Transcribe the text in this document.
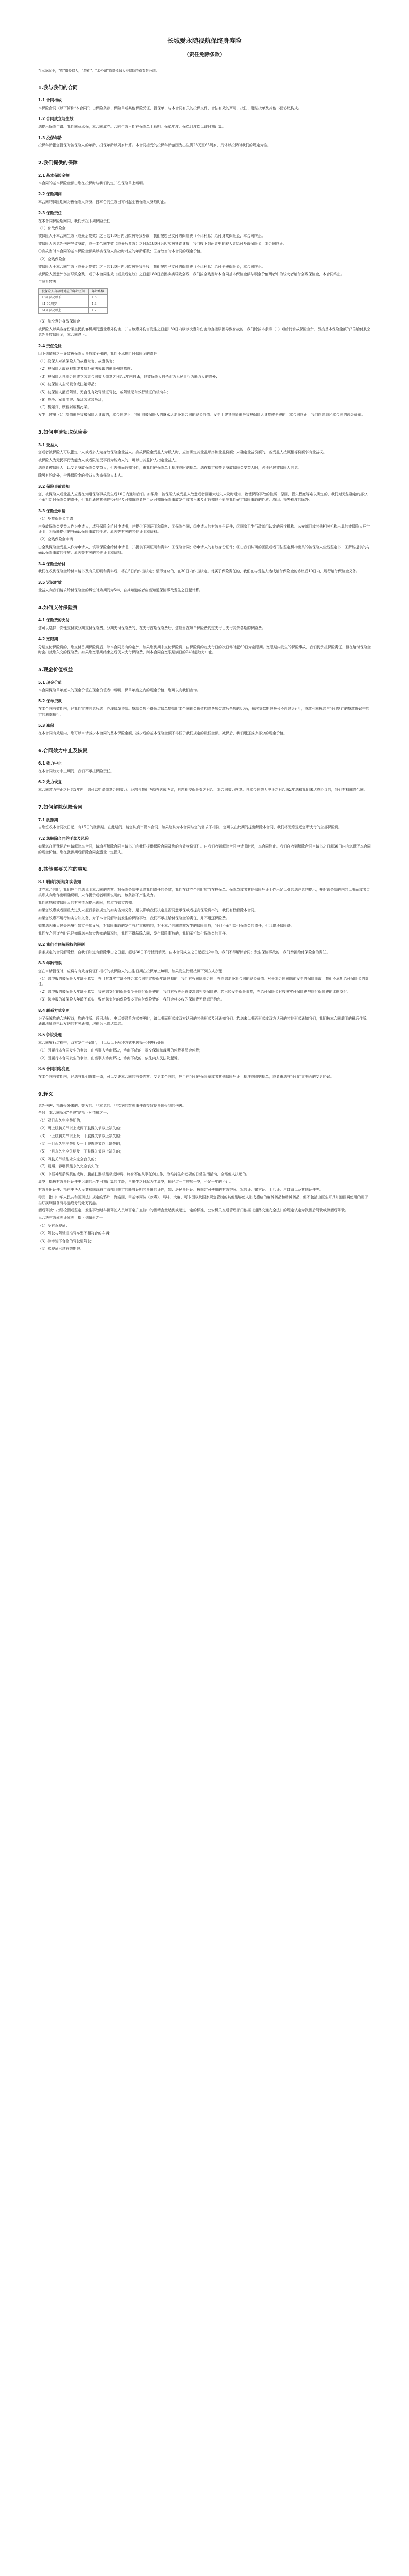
长城爱永随视航保终身寿险
（责任免除条款）

在本条款中，“您”指投保人，“我们”、“本公司”均指长城人寿保险股份有限公司。

1.我与我们的合同
1.1 合同构成

本保险合同（以下简称“本合同”）由保险条款、保险单或其他保险凭证、投保单、与本合同有关的投保文件、合法有效的声明、批注、附贴批单及其他书面协议构成。

1.2 合同成立与生效

您提出保险申请、我们同意承保，本合同成立。合同生效日期在保险单上载明。保单年度、保单月度均以该日期计算。

1.3 投保年龄

投保年龄指您投保时被保险人的年龄，投保年龄以周岁计算。本合同接受的投保年龄范围为出生满28天至65周岁，具体以投保时我们的规定为准。

2.我们提供的保障
2.1 基本保险金额

本合同的基本保险金额由您在投保时与我们约定并在保险单上载明。

2.2 保险期间

本合同的保险期间为被保险人终身，自本合同生效日零时起至被保险人身故时止。

2.3 保险责任

在本合同保险期间内，我们承担下列保险责任：

（1）身故保险金

被保险人于本合同生效（或最后复效）之日起180日内因疾病导致身故，我们按您已支付的保险费（不计利息）给付身故保险金，本合同终止。

被保险人因意外伤害导致身故，或于本合同生效（或最后复效）之日起180日后因疾病导致身故，我们按下列两者中的较大者给付身故保险金，本合同终止：

①身故当时本合同的基本保险金额乘以被保险人身故时对应的年龄系数；②身故当时本合同的现金价值。

（2）全残保险金

被保险人于本合同生效（或最后复效）之日起180日内因疾病导致全残，我们按您已支付的保险费（不计利息）给付全残保险金，本合同终止。

被保险人因意外伤害导致全残，或于本合同生效（或最后复效）之日起180日后因疾病导致全残，我们按全残当时本合同基本保险金额与现金价值两者中的较大者给付全残保险金，本合同终止。

年龄系数表

被保险人身故时对应的年龄区间	年龄系数
18周岁及以下	1.6
41-60周岁	1.4
61周岁及以上	1.2

（3）航空意外身故保险金

被保险人以乘客身份乘坐民航客机期间遭受意外伤害，并自该意外伤害发生之日起180日内以该次意外伤害为直接原因导致身故的，我们除按本条第（1）项给付身故保险金外，另按基本保险金额的2倍给付航空意外身故保险金，本合同终止。

2.4 责任免除

因下列情形之一导致被保险人身故或全残的，我们不承担给付保险金的责任：

（1）投保人对被保险人的故意杀害、故意伤害；

（2）被保险人故意犯罪或者抗拒依法采取的刑事强制措施；

（3）被保险人自本合同成立或者合同效力恢复之日起2年内自杀，但被保险人自杀时为无民事行为能力人的除外；

（4）被保险人主动吸食或注射毒品；

（5）被保险人酒后驾驶、无合法有效驾驶证驾驶，或驾驶无有效行驶证的机动车；

（6）战争、军事冲突、暴乱或武装叛乱；

（7）核爆炸、核辐射或核污染。

发生上述第（1）项情形导致被保险人身故的，本合同终止，我们向被保险人的继承人退还本合同的现金价值。发生上述其他情形导致被保险人身故或全残的，本合同终止，我们向您退还本合同的现金价值。

3.如何申请领取保险金
3.1 受益人

您或者被保险人可以指定一人或者多人为身故保险金受益人。身故保险金受益人为数人时，应当确定其受益顺序和受益份额；未确定受益份额的，各受益人按照相等份额享有受益权。

被保险人为无民事行为能力人或者限制民事行为能力人的，可以由其监护人指定受益人。

您或者被保险人可以变更身故保险金受益人，但需书面通知我们，由我们在保险单上批注或附贴批单。您在指定和变更身故保险金受益人时，必须经过被保险人同意。

除另有约定外，全残保险金的受益人为被保险人本人。

3.2 保险事故通知

您、被保险人或受益人应当在知道保险事故发生后10日内通知我们。如果您、被保险人或受益人故意或者因重大过失未及时通知，致使保险事故的性质、原因、损失程度等难以确定的，我们对无法确定的部分，不承担给付保险金的责任，但我们通过其他途径已经及时知道或者应当及时知道保险事故发生或者虽未及时通知但不影响我们确定保险事故的性质、原因、损失程度的除外。

3.3 保险金申请

（1）身故保险金申请

由身故保险金受益人作为申请人，填写保险金给付申请书，并提供下列证明和资料：①保险合同；②申请人的有效身份证件；③国家卫生行政部门认定的医疗机构、公安部门或其他相关机构出具的被保险人死亡证明；④所能提供的与确认保险事故的性质、原因等有关的其他证明和资料。

（2）全残保险金申请

由全残保险金受益人作为申请人，填写保险金给付申请书，并提供下列证明和资料：①保险合同；②申请人的有效身份证件；③由我们认可的医院或者司法鉴定机构出具的被保险人全残鉴定书；④所能提供的与确认保险事故的性质、原因等有关的其他证明和资料。

3.4 保险金给付

我们在收到保险金给付申请书及有关证明和资料后，将在5日内作出核定；情形复杂的，在30日内作出核定。对属于保险责任的，我们在与受益人达成给付保险金的协议后10日内，履行给付保险金义务。

3.5 诉讼时效

受益人向我们请求给付保险金的诉讼时效期间为5年，自其知道或者应当知道保险事故发生之日起计算。

4.如何支付保险费
4.1 保险费的支付

您可以选择一次性支付或分期支付保险费。分期支付保险费的，在支付首期保险费后，您应当在每个保险费约定支付日支付其余各期的保险费。

4.2 宽限期

分期支付保险费的，您支付首期保险费后，除本合同另有约定外，如果您到期未支付保险费，自保险费约定支付日的次日零时起60日为宽限期。宽限期内发生的保险事故，我们仍承担保险责任，但在给付保险金时会扣减您欠交的保险费。如果您宽限期结束之后仍未支付保险费，则本合同自宽限期满日的24时起效力中止。

5.现金价值权益
5.1 现金价值

本合同保险单年度末的现金价值在现金价值表中载明，保单年度之内的现金价值，您可以向我们查询。

5.2 保单贷款

在本合同有效期内，经我们审核同意后您可办理保单贷款。贷款金额不得超过保单贷款时本合同现金价值扣除各项欠款后余额的80%，每次贷款期限最长不超过6个月，贷款利率按您与我们签订的贷款协议中约定的利率执行。

5.3 减保

在本合同有效期内，您可以申请减少本合同的基本保险金额，减少后的基本保险金额不得低于我们规定的最低金额。减保后，我们退还减少部分的现金价值。

6.合同效力中止及恢复
6.1 效力中止

在本合同效力中止期间，我们不承担保险责任。

6.2 效力恢复

本合同效力中止之日起2年内，您可以申请恢复合同效力。经您与我们协商并达成协议，自您补交保险费之日起，本合同效力恢复。自本合同效力中止之日起满2年您和我们未达成协议的，我们有权解除合同。

7.如何解除保险合同
7.1 犹豫期

自您签收本合同次日起，有15日的犹豫期。在此期间，请您认真审视本合同，如果您认为本合同与您的需求不相符，您可以在此期间提出解除本合同，我们将无息退还您所支付的全部保险费。

7.2 您解除合同的手续及风险

如果您在犹豫期后申请解除本合同，请填写解除合同申请书并向我们提供保险合同及您的有效身份证件。自我们收到解除合同申请书时起，本合同终止。我们自收到解除合同申请书之日起30日内向您退还本合同的现金价值。您在犹豫期后解除合同会遭受一定损失。

8.其他需要关注的事项
8.1 明确说明与如实告知

订立本合同时，我们应当向您说明本合同的内容。对保险条款中免除我们责任的条款，我们在订立合同时应当在投保单、保险单或者其他保险凭证上作出足以引起您注意的提示，并对该条款的内容以书面或者口头形式向您作出明确说明，未作提示或者明确说明的，该条款不产生效力。

我们就您和被保险人的有关情况提出询问，您应当如实告知。

如果您故意或者因重大过失未履行前款规定的如实告知义务，足以影响我们决定是否同意承保或者提高保险费率的，我们有权解除本合同。

如果您故意不履行如实告知义务，对于本合同解除前发生的保险事故，我们不承担给付保险金的责任，并不退还保险费。

如果您因重大过失未履行如实告知义务，对保险事故的发生有严重影响的，对于本合同解除前发生的保险事故，我们不承担给付保险金的责任，但会退还保险费。

我们在合同订立时已经知道您未如实告知的情况的，我们不得解除合同；发生保险事故的，我们承担给付保险金的责任。

8.2 我们合同解除权的限制

前条规定的合同解除权，自我们知道有解除事由之日起，超过30日不行使而消灭。自本合同成立之日起超过2年的，我们不得解除合同；发生保险事故的，我们承担给付保险金的责任。

8.3 年龄错误

您在申请投保时，应将与有效身份证件相符的被保险人的出生日期在投保单上填明，如果发生错误按照下列方式办理：

（1）您申报的被保险人年龄不真实，并且其真实年龄不符合本合同约定投保年龄限制的，我们有权解除本合同，并向您退还本合同的现金价值。对于本合同解除前发生的保险事故，我们不承担给付保险金的责任。

（2）您申报的被保险人年龄不真实，致使您支付的保险费少于应付保险费的，我们有权更正并要求您补交保险费。若已经发生保险事故，在给付保险金时按照实付保险费与应付保险费的比例支付。

（3）您申报的被保险人年龄不真实，致使您支付的保险费多于应付保险费的，我们会将多收的保险费无息退还给您。

8.4 联系方式变更

为了保障您的合法权益，您的住所、通讯地址、电话等联系方式变更时，请以书面形式或双方认可的其他形式及时通知我们。若您未以书面形式或双方认可的其他形式通知我们，我们按本合同载明的最后住所、通讯地址或电话发送的有关通知，均视为已送达给您。

8.5 争议处理

本合同履行过程中，双方发生争议时，可以从以下两种方式中选择一种进行处理：

（1）因履行本合同发生的争议，由当事人协商解决，协商不成的，提交保险单载明的仲裁委员会仲裁；

（2）因履行本合同发生的争议，由当事人协商解决，协商不成的，依法向人民法院起诉。

8.6 合同内容变更

在本合同有效期内，经您与我们协商一致，可以变更本合同的有关内容。变更本合同的，应当由我们在保险单或者其他保险凭证上批注或附贴批单，或者由您与我们订立书面的变更协议。

9.释义

意外伤害：指遭受外来的、突发的、非本意的、非疾病的客观事件直接致使身体受到的伤害。

全残：本合同所称“全残”是指下列情形之一：

（1）双目永久完全失明的；

（2）两上肢腕关节以上或两下肢踝关节以上缺失的；

（3）一上肢腕关节以上及一下肢踝关节以上缺失的；

（4）一目永久完全失明及一上肢腕关节以上缺失的；

（5）一目永久完全失明及一下肢踝关节以上缺失的；

（6）四肢关节机能永久完全丧失的；

（7）咀嚼、吞咽机能永久完全丧失的；

（8）中枢神经系统机能或胸、腹部脏器机能极度障碍，终身不能从事任何工作，为维持生命必要的日常生活活动，全需他人扶助的。

周岁：指按有效身份证件中记载的出生日期计算的年龄，自出生之日起为零周岁，每经过一年增加一岁，不足一年的不计。

有效身份证件：指由中华人民共和国政府主管部门规定的能够证明其身份的证件，如：居民身份证、按规定可使用的有效护照、军官证、警官证、士兵证、户口簿以及其他证件等。

毒品：指《中华人民共和国刑法》规定的鸦片、海洛因、甲基苯丙胺（冰毒）、吗啡、大麻、可卡因以及国家规定管制的其他能够使人形成瘾癖的麻醉药品和精神药品，但不包括由医生开具并遵医嘱使用的用于治疗疾病但含有毒品成分的处方药品。

酒后驾驶：指经检测或鉴定，发生事故时车辆驾驶人员每百毫升血液中的酒精含量达到或超过一定的标准，公安机关交通管理部门依据《道路交通安全法》的规定认定为饮酒后驾驶或醉酒后驾驶。

无合法有效驾驶证驾驶：指下列情形之一：

（1）没有驾驶证；

（2）驾驶与驾驶证准驾车型不相符合的车辆；

（3）持审验不合格的驾驶证驾驶；

（4）驾驶证已过有效期限。
